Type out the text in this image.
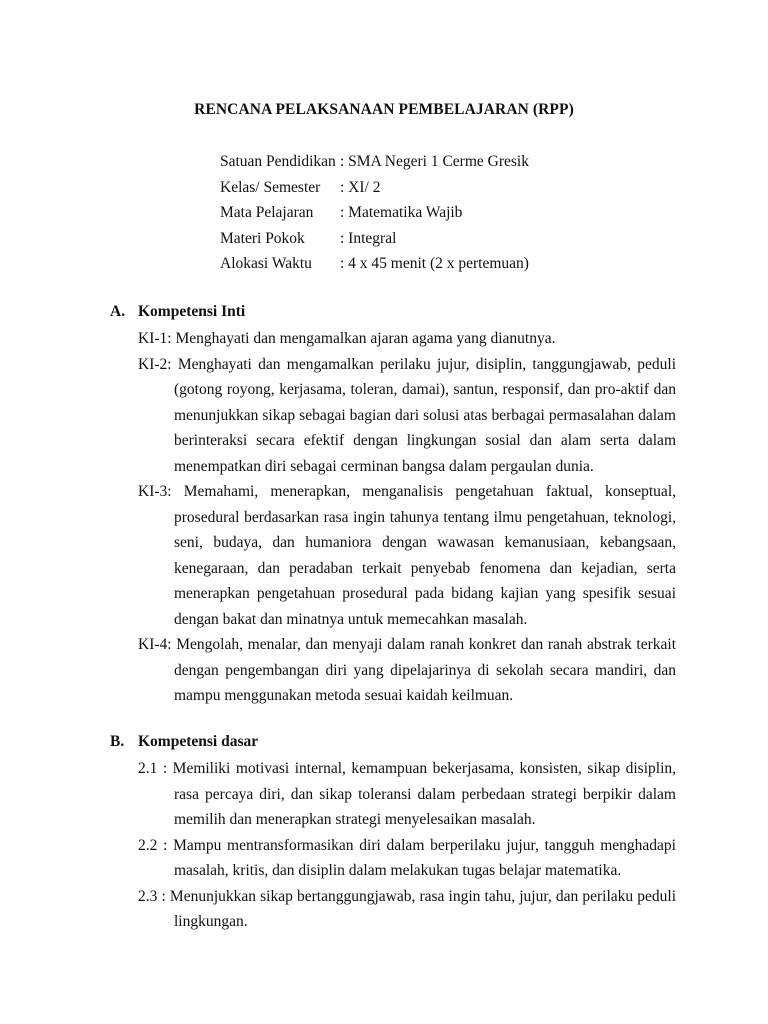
RENCANA PELAKSANAAN PEMBELAJARAN (RPP)
Satuan Pendidikan : SMA Negeri 1 Cerme Gresik
Kelas/ Semester : XI/ 2
Mata Pelajaran : Matematika Wajib
Materi Pokok : Integral
Alokasi Waktu : 4 x 45 menit (2 x pertemuan)
A. Kompetensi Inti
KI-1: Menghayati dan mengamalkan ajaran agama yang dianutnya.
KI-2: Menghayati dan mengamalkan perilaku jujur, disiplin, tanggungjawab, peduli (gotong royong, kerjasama, toleran, damai), santun, responsif, dan pro-aktif dan menunjukkan sikap sebagai bagian dari solusi atas berbagai permasalahan dalam berinteraksi secara efektif dengan lingkungan sosial dan alam serta dalam menempatkan diri sebagai cerminan bangsa dalam pergaulan dunia.
KI-3: Memahami, menerapkan, menganalisis pengetahuan faktual, konseptual, prosedural berdasarkan rasa ingin tahunya tentang ilmu pengetahuan, teknologi, seni, budaya, dan humaniora dengan wawasan kemanusiaan, kebangsaan, kenegaraan, dan peradaban terkait penyebab fenomena dan kejadian, serta menerapkan pengetahuan prosedural pada bidang kajian yang spesifik sesuai dengan bakat dan minatnya untuk memecahkan masalah.
KI-4: Mengolah, menalar, dan menyaji dalam ranah konkret dan ranah abstrak terkait dengan pengembangan diri yang dipelajarinya di sekolah secara mandiri, dan mampu menggunakan metoda sesuai kaidah keilmuan.
B. Kompetensi dasar
2.1 : Memiliki motivasi internal, kemampuan bekerjasama, konsisten, sikap disiplin, rasa percaya diri, dan sikap toleransi dalam perbedaan strategi berpikir dalam memilih dan menerapkan strategi menyelesaikan masalah.
2.2 : Mampu mentransformasikan diri dalam berperilaku jujur, tangguh menghadapi masalah, kritis, dan disiplin dalam melakukan tugas belajar matematika.
2.3 : Menunjukkan sikap bertanggungjawab, rasa ingin tahu, jujur, dan perilaku peduli lingkungan.
